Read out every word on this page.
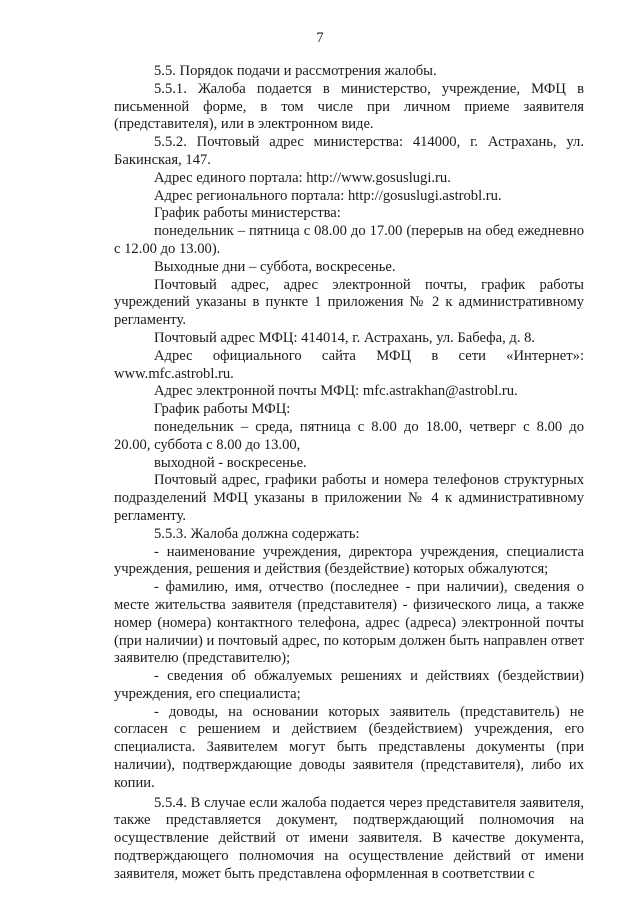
7

5.5. Порядок подачи и рассмотрения жалобы.

5.5.1. Жалоба подается в министерство, учреждение, МФЦ в письменной форме, в том числе при личном приеме заявителя (представителя), или в электронном виде.

5.5.2. Почтовый адрес министерства: 414000, г. Астрахань, ул. Бакинская, 147.

Адрес единого портала: http://www.gosuslugi.ru.

Адрес регионального портала: http://gosuslugi.astrobl.ru.

График работы министерства:

понедельник – пятница с 08.00 до 17.00 (перерыв на обед ежедневно с 12.00 до 13.00).

Выходные дни – суббота, воскресенье.

Почтовый адрес, адрес электронной почты, график работы учреждений указаны в пункте 1 приложения № 2 к административному регламенту.

Почтовый адрес МФЦ: 414014, г. Астрахань, ул. Бабефа, д. 8.

Адрес официального сайта МФЦ в сети «Интернет»: www.mfc.astrobl.ru.

Адрес электронной почты МФЦ: mfc.astrakhan@astrobl.ru.

График работы МФЦ:

понедельник – среда, пятница с 8.00 до 18.00, четверг с 8.00 до 20.00, суббота с 8.00 до 13.00,

выходной - воскресенье.

Почтовый адрес, графики работы и номера телефонов структурных подразделений МФЦ указаны в приложении № 4 к административному регламенту.

5.5.3. Жалоба должна содержать:

- наименование учреждения, директора учреждения, специалиста учреждения, решения и действия (бездействие) которых обжалуются;

- фамилию, имя, отчество (последнее - при наличии), сведения о месте жительства заявителя (представителя) - физического лица, а также номер (номера) контактного телефона, адрес (адреса) электронной почты (при наличии) и почтовый адрес, по которым должен быть направлен ответ заявителю (представителю);

- сведения об обжалуемых решениях и действиях (бездействии) учреждения, его специалиста;

- доводы, на основании которых заявитель (представитель) не согласен с решением и действием (бездействием) учреждения, его специалиста. Заявителем могут быть представлены документы (при наличии), подтверждающие доводы заявителя (представителя), либо их копии.

5.5.4. В случае если жалоба подается через представителя заявителя, также представляется документ, подтверждающий полномочия на осуществление действий от имени заявителя. В качестве документа, подтверждающего полномочия на осуществление действий от имени заявителя, может быть представлена оформленная в соответствии с
